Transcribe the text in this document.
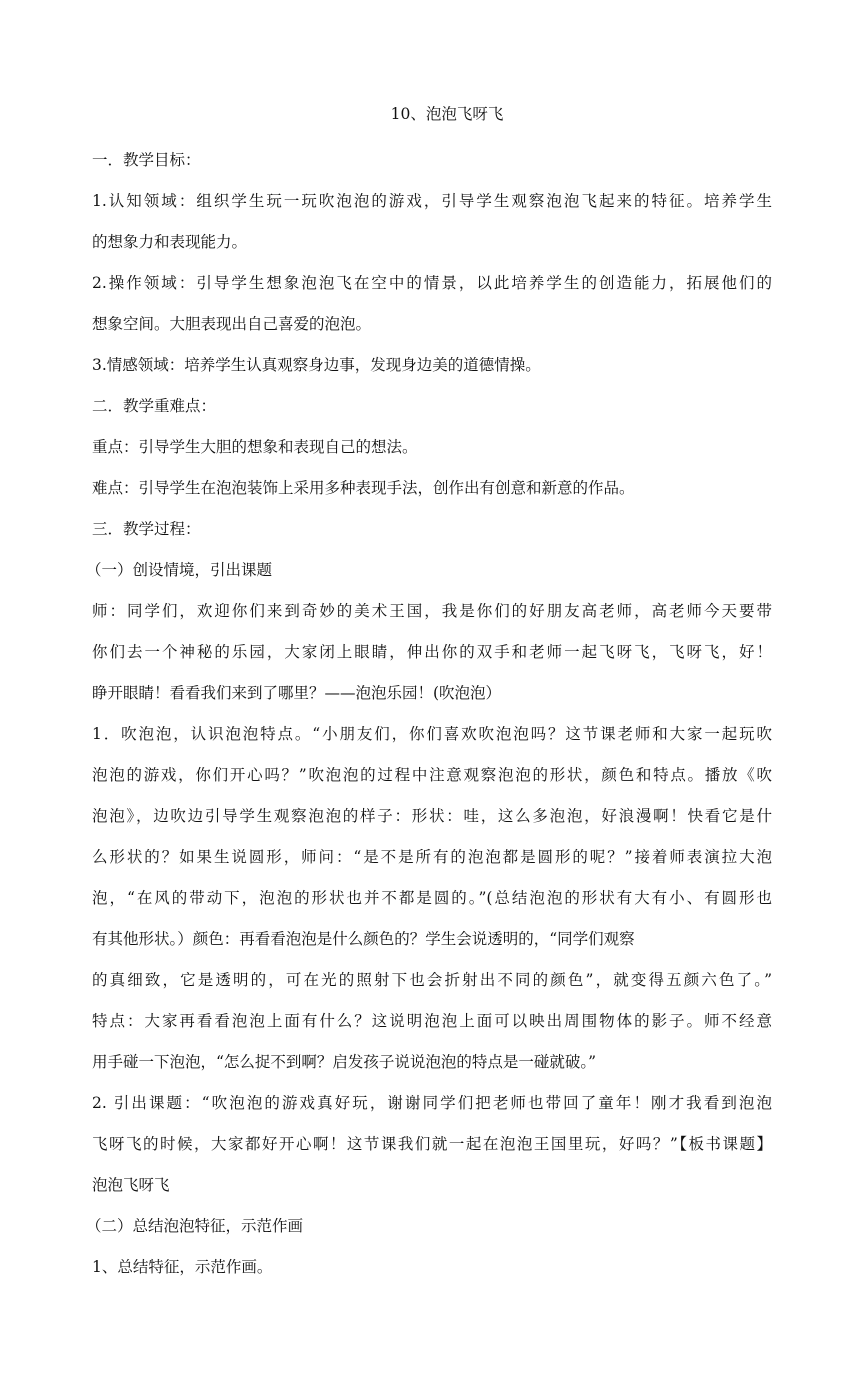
10、泡泡飞呀飞
一．教学目标：
1.认知领域：组织学生玩一玩吹泡泡的游戏，引导学生观察泡泡飞起来的特征。培养学生
的想象力和表现能力。
2.操作领域：引导学生想象泡泡飞在空中的情景，以此培养学生的创造能力，拓展他们的
想象空间。大胆表现出自己喜爱的泡泡。
3.情感领域：培养学生认真观察身边事，发现身边美的道德情操。
二．教学重难点：
重点：引导学生大胆的想象和表现自己的想法。
难点：引导学生在泡泡装饰上采用多种表现手法，创作出有创意和新意的作品。
三．教学过程：
（一）创设情境，引出课题
师：同学们，欢迎你们来到奇妙的美术王国，我是你们的好朋友高老师，高老师今天要带
你们去一个神秘的乐园，大家闭上眼睛，伸出你的双手和老师一起飞呀飞，飞呀飞，好！
睁开眼睛！看看我们来到了哪里？——泡泡乐园！(吹泡泡）
1．吹泡泡，认识泡泡特点。“小朋友们，你们喜欢吹泡泡吗？这节课老师和大家一起玩吹
泡泡的游戏，你们开心吗？”吹泡泡的过程中注意观察泡泡的形状，颜色和特点。播放《吹
泡泡》，边吹边引导学生观察泡泡的样子：形状：哇，这么多泡泡，好浪漫啊！快看它是什
么形状的？如果生说圆形，师问：“是不是所有的泡泡都是圆形的呢？”接着师表演拉大泡
泡，“在风的带动下，泡泡的形状也并不都是圆的。”(总结泡泡的形状有大有小、有圆形也
有其他形状。）颜色：再看看泡泡是什么颜色的？学生会说透明的，“同学们观察
的真细致，它是透明的，可在光的照射下也会折射出不同的颜色”，就变得五颜六色了。”
特点：大家再看看泡泡上面有什么？这说明泡泡上面可以映出周围物体的影子。师不经意
用手碰一下泡泡，“怎么捉不到啊？启发孩子说说泡泡的特点是一碰就破。”
2. 引出课题：“吹泡泡的游戏真好玩，谢谢同学们把老师也带回了童年！刚才我看到泡泡
飞呀飞的时候，大家都好开心啊！这节课我们就一起在泡泡王国里玩，好吗？”【板书课题】
泡泡飞呀飞
（二）总结泡泡特征，示范作画
1、总结特征，示范作画。
